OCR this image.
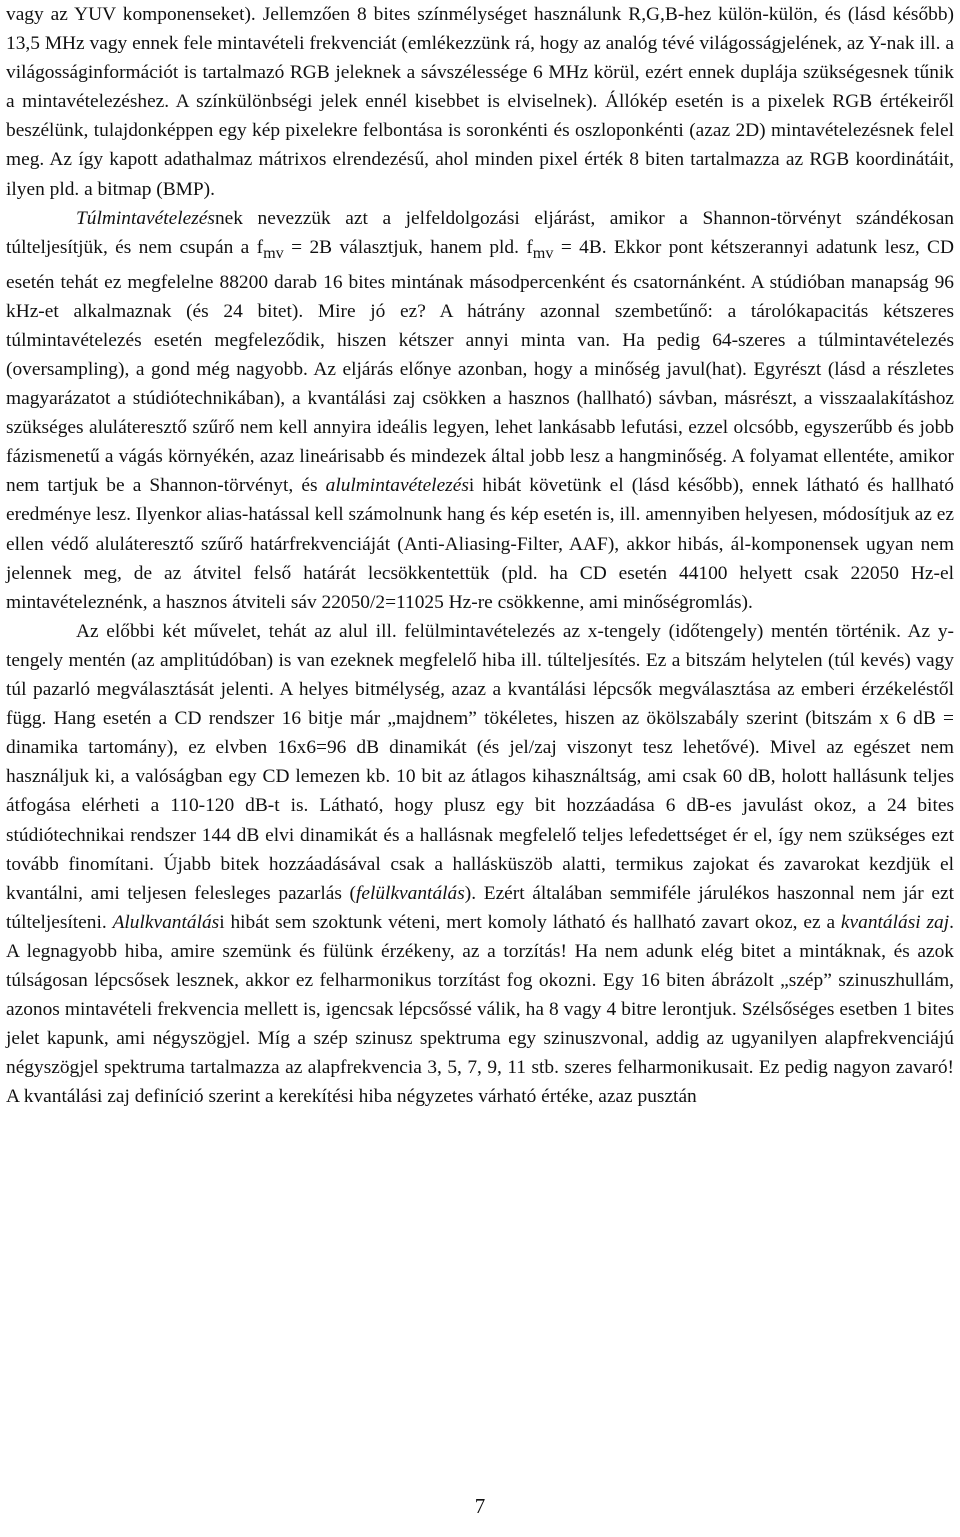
vagy az YUV komponenseket). Jellemzően 8 bites színmélységet használunk R,G,B-hez külön-külön, és (lásd később) 13,5 MHz vagy ennek fele mintavételi frekvenciát (emlékezzünk rá, hogy az analóg tévé világosságjelének, az Y-nak ill. a világosságinformációt is tartalmazó RGB jeleknek a sávszélessége 6 MHz körül, ezért ennek duplája szükségesnek tűnik a mintavételezéshez. A színkülönbségi jelek ennél kisebbet is elviselnek). Állókép esetén is a pixelek RGB értékeiről beszélünk, tulajdonképpen egy kép pixelekre felbontása is soronkénti és oszloponkénti (azaz 2D) mintavételezésnek felel meg. Az így kapott adathalmaz mátrixos elrendezésű, ahol minden pixel érték 8 biten tartalmazza az RGB koordinátáit, ilyen pld. a bitmap (BMP).

Túlmintavételezésnek nevezzük azt a jelfeldolgozási eljárást, amikor a Shannon-törvényt szándékosan túlteljesítjük, és nem csupán a $f_{mv} = 2B$ választjuk, hanem pld. $f_{mv} = 4B$. Ekkor pont kétszerannyi adatunk lesz, CD esetén tehát ez megfelelne 88200 darab 16 bites mintának másodpercenként és csatornánként. A stúdióban manapság 96 kHz-et alkalmaznak (és 24 bitet). Mire jó ez? A hátrány azonnal szembetűnő: a tárolókapacitás kétszeres túlmintavételezés esetén megfeleződik, hiszen kétszer annyi minta van. Ha pedig 64-szeres a túlmintavételezés (oversampling), a gond még nagyobb. Az eljárás előnye azonban, hogy a minőség javul(hat). Egyrészt (lásd a részletes magyarázatot a stúdiótechnikában), a kvantálási zaj csökken a hasznos (hallható) sávban, másrészt, a visszaalakításhoz szükséges aluláteresztő szűrő nem kell annyira ideális legyen, lehet lankásabb lefutási, ezzel olcsóbb, egyszerűbb és jobb fázismenetű a vágás környékén, azaz lineárisabb és mindezek által jobb lesz a hangminőség. A folyamat ellentéte, amikor nem tartjuk be a Shannon-törvényt, és alulmintavételezési hibát követünk el (lásd később), ennek látható és hallható eredménye lesz. Ilyenkor alias-hatással kell számolnunk hang és kép esetén is, ill. amennyiben helyesen, módosítjuk az ez ellen védő aluláteresztő szűrő határfrekvenciáját (Anti-Aliasing-Filter, AAF), akkor hibás, ál-komponensek ugyan nem jelennek meg, de az átvitel felső határát lecsökkentettük (pld. ha CD esetén 44100 helyett csak 22050 Hz-el mintavételeznénk, a hasznos átviteli sáv 22050/2=11025 Hz-re csökkenne, ami minőségromlás).

Az előbbi két művelet, tehát az alul ill. felülmintavételezés az x-tengely (időtengely) mentén történik. Az y-tengely mentén (az amplitúdóban) is van ezeknek megfelelő hiba ill. túlteljesítés. Ez a bitszám helytelen (túl kevés) vagy túl pazarló megválasztását jelenti. A helyes bitmélység, azaz a kvantálási lépcsők megválasztása az emberi érzékeléstől függ. Hang esetén a CD rendszer 16 bitje már „majdnem” tökéletes, hiszen az ökölszabály szerint (bitszám x 6 dB = dinamika tartomány), ez elvben 16x6=96 dB dinamikát (és jel/zaj viszonyt tesz lehetővé). Mivel az egészet nem használjuk ki, a valóságban egy CD lemezen kb. 10 bit az átlagos kihasználtság, ami csak 60 dB, holott hallásunk teljes átfogása elérheti a 110-120 dB-t is. Látható, hogy plusz egy bit hozzáadása 6 dB-es javulást okoz, a 24 bites stúdiótechnikai rendszer 144 dB elvi dinamikát és a hallásnak megfelelő teljes lefedettséget ér el, így nem szükséges ezt tovább finomítani. Újabb bitek hozzáadásával csak a hallásküszöb alatti, termikus zajokat és zavarokat kezdjük el kvantálni, ami teljesen felesleges pazarlás (felülkvantálás). Ezért általában semmiféle járulékos haszonnal nem jár ezt túlteljesíteni. Alulkvantálási hibát sem szoktunk véteni, mert komoly látható és hallható zavart okoz, ez a kvantálási zaj. A legnagyobb hiba, amire szemünk és fülünk érzékeny, az a torzítás! Ha nem adunk elég bitet a mintáknak, és azok túlságosan lépcsősek lesznek, akkor ez felharmonikus torzítást fog okozni. Egy 16 biten ábrázolt „szép” szinuszhullám, azonos mintavételi frekvencia mellett is, igencsak lépcsőssé válik, ha 8 vagy 4 bitre lerontjuk. Szélsőséges esetben 1 bites jelet kapunk, ami négyszögjel. Míg a szép szinusz spektruma egy szinuszvonal, addig az ugyanilyen alapfrekvenciájú négyszögjel spektruma tartalmazza az alapfrekvencia 3, 5, 7, 9, 11 stb. szeres felharmonikusait. Ez pedig nagyon zavaró! A kvantálási zaj definíció szerint a kerekítési hiba négyzetes várható értéke, azaz pusztán

7
